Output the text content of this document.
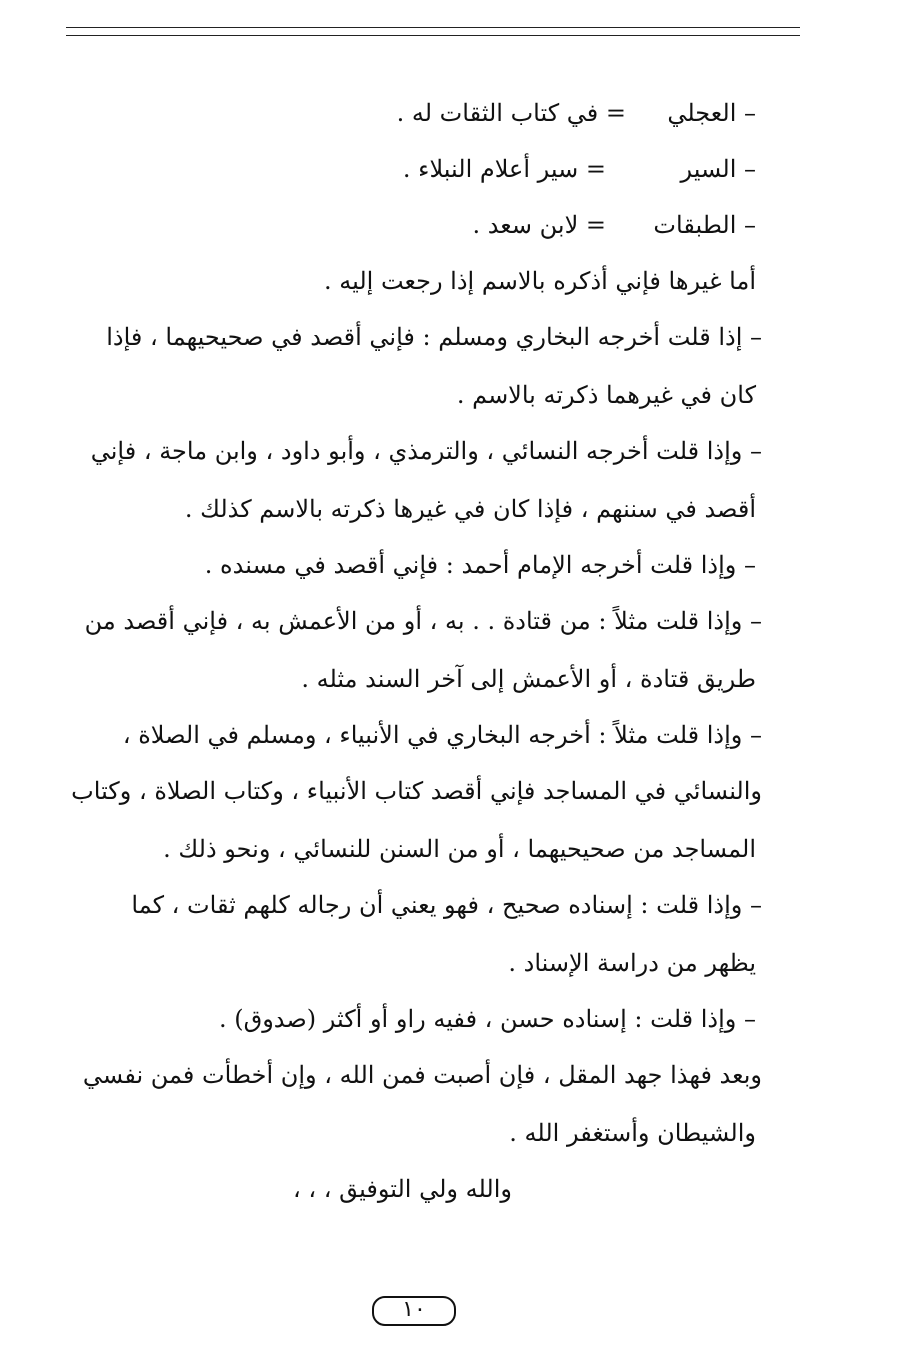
– العجلي
= في كتاب الثقات له .
– السير
= سير أعلام النبلاء .
– الطبقات
= لابن سعد .
أما غيرها فإني أذكره بالاسم إذا رجعت إليه .
– إذا قلت أخرجه البخاري ومسلم : فإني أقصد في صحيحيهما ، فإذا
كان في غيرهما ذكرته بالاسم .
– وإذا قلت أخرجه النسائي ، والترمذي ، وأبو داود ، وابن ماجة ، فإني
أقصد في سننهم ، فإذا كان في غيرها ذكرته بالاسم كذلك .
– وإذا قلت أخرجه الإمام أحمد : فإني أقصد في مسنده .
– وإذا قلت مثلاً : من قتادة . . به ، أو من الأعمش به ، فإني أقصد من
طريق قتادة ، أو الأعمش إلى آخر السند مثله .
– وإذا قلت مثلاً : أخرجه البخاري في الأنبياء ، ومسلم في الصلاة ،
والنسائي في المساجد فإني أقصد كتاب الأنبياء ، وكتاب الصلاة ، وكتاب
المساجد من صحيحيهما ، أو من السنن للنسائي ، ونحو ذلك .
– وإذا قلت : إسناده صحيح ، فهو يعني أن رجاله كلهم ثقات ، كما
يظهر من دراسة الإسناد .
– وإذا قلت : إسناده حسن ، ففيه راو أو أكثر (صدوق) .
وبعد فهذا جهد المقل ، فإن أصبت فمن الله ، وإن أخطأت فمن نفسي
والشيطان وأستغفر الله .
والله ولي التوفيق ، ، ،
١٠
